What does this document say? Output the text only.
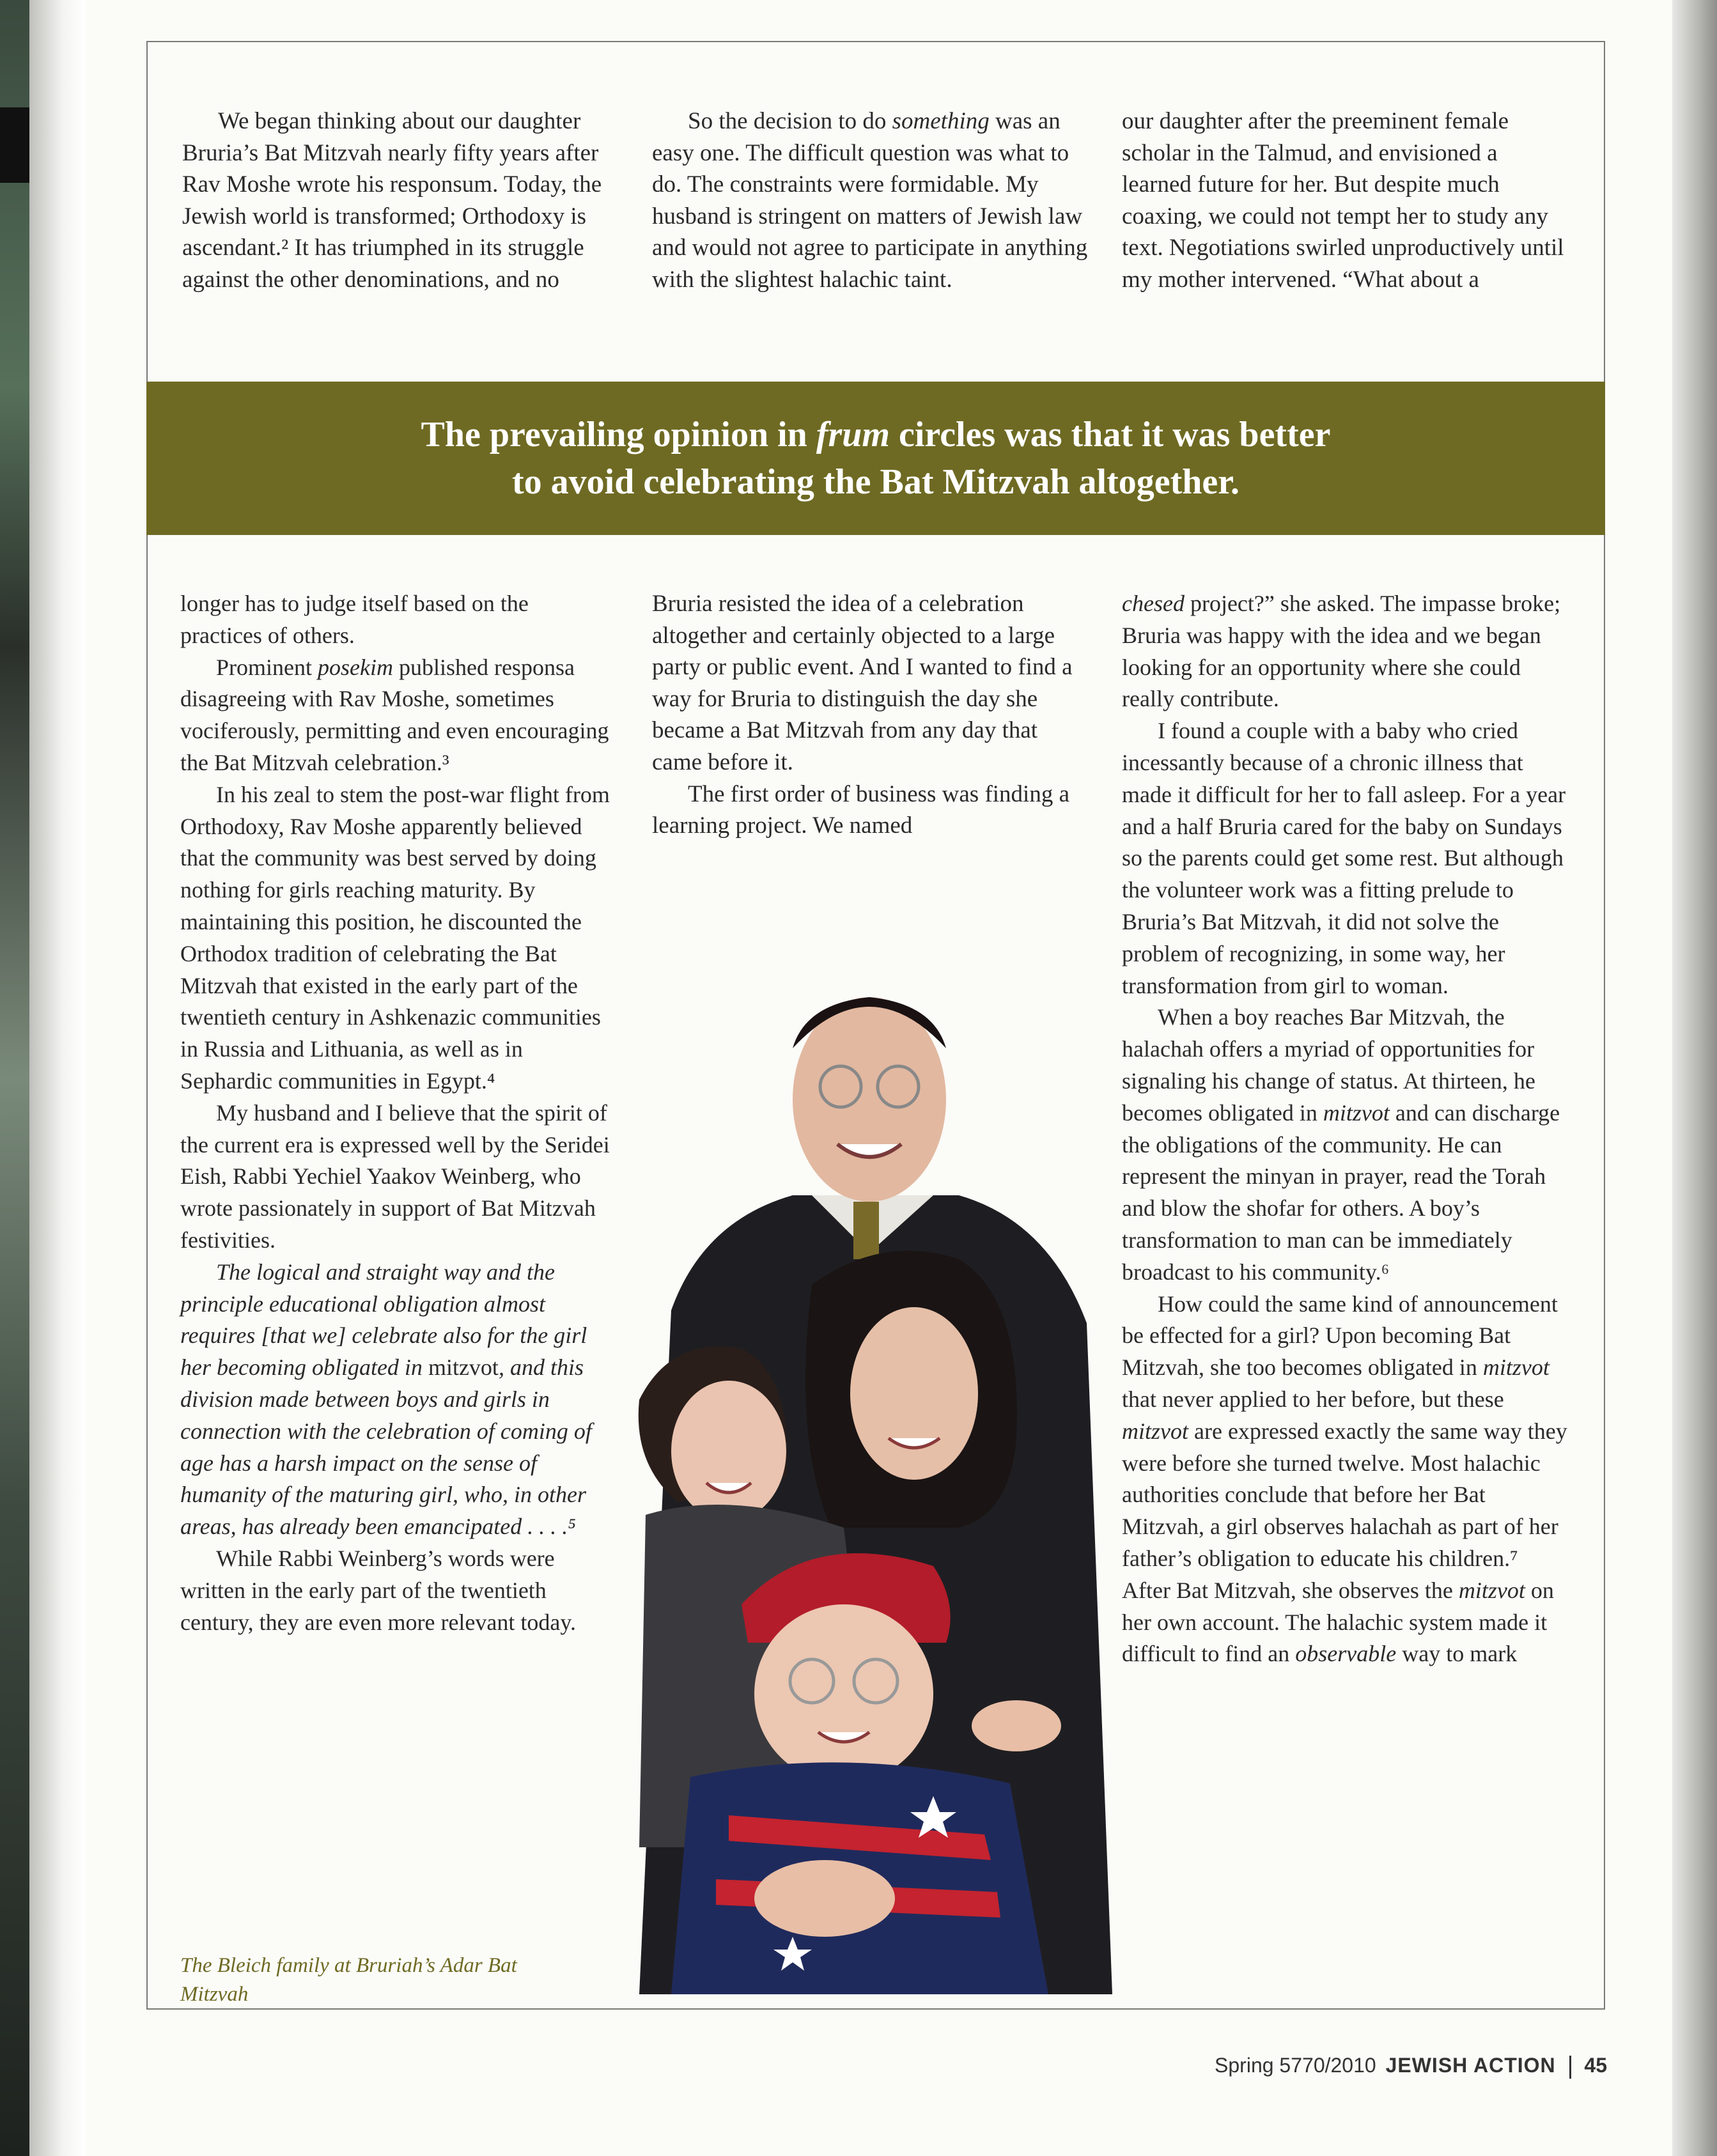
We began thinking about our daughter Bruria’s Bat Mitzvah nearly fifty years after Rav Moshe wrote his responsum. Today, the Jewish world is transformed; Orthodoxy is ascendant.² It has triumphed in its struggle against the other denominations, and no

So the decision to do something was an easy one. The difficult question was what to do. The constraints were formidable. My husband is stringent on matters of Jewish law and would not agree to participate in anything with the slightest halachic taint.

our daughter after the preeminent female scholar in the Talmud, and envisioned a learned future for her. But despite much coaxing, we could not tempt her to study any text. Negotiations swirled unproductively until my mother intervened. “What about a

The prevailing opinion in frum circles was that it was better
to avoid celebrating the Bat Mitzvah altogether.

longer has to judge itself based on the practices of others.

Prominent posekim published responsa disagreeing with Rav Moshe, sometimes vociferously, permitting and even encouraging the Bat Mitzvah celebration.³

In his zeal to stem the post-war flight from Orthodoxy, Rav Moshe apparently believed that the community was best served by doing nothing for girls reaching maturity. By maintaining this position, he discounted the Orthodox tradition of celebrating the Bat Mitzvah that existed in the early part of the twentieth century in Ashkenazic communities in Russia and Lithuania, as well as in Sephardic communities in Egypt.⁴

My husband and I believe that the spirit of the current era is expressed well by the Seridei Eish, Rabbi Yechiel Yaakov Weinberg, who wrote passionately in support of Bat Mitzvah festivities.

The logical and straight way and the principle educational obligation almost requires [that we] celebrate also for the girl her becoming obligated in mitzvot, and this division made between boys and girls in connection with the celebration of coming of age has a harsh impact on the sense of humanity of the maturing girl, who, in other areas, has already been emancipated . . . .⁵

While Rabbi Weinberg’s words were written in the early part of the twentieth century, they are even more relevant today.

Bruria resisted the idea of a celebration altogether and certainly objected to a large party or public event. And I wanted to find a way for Bruria to distinguish the day she became a Bat Mitzvah from any day that came before it.

The first order of business was finding a learning project. We named

chesed project?” she asked. The impasse broke; Bruria was happy with the idea and we began looking for an opportunity where she could really contribute.

I found a couple with a baby who cried incessantly because of a chronic illness that made it difficult for her to fall asleep. For a year and a half Bruria cared for the baby on Sundays so the parents could get some rest. But although the volunteer work was a fitting prelude to Bruria’s Bat Mitzvah, it did not solve the problem of recognizing, in some way, her transformation from girl to woman.

When a boy reaches Bar Mitzvah, the halachah offers a myriad of opportunities for signaling his change of status. At thirteen, he becomes obligated in mitzvot and can discharge the obligations of the community. He can represent the minyan in prayer, read the Torah and blow the shofar for others. A boy’s transformation to man can be immediately broadcast to his community.⁶

How could the same kind of announcement be effected for a girl? Upon becoming Bat Mitzvah, she too becomes obligated in mitzvot that never applied to her before, but these mitzvot are expressed exactly the same way they were before she turned twelve. Most halachic authorities conclude that before her Bat Mitzvah, a girl observes halachah as part of her father’s obligation to educate his children.⁷ After Bat Mitzvah, she observes the mitzvot on her own account. The halachic system made it difficult to find an observable way to mark

The Bleich family at Bruriah’s Adar Bat Mitzvah
Spring 5770/2010 JEWISH ACTION 45
